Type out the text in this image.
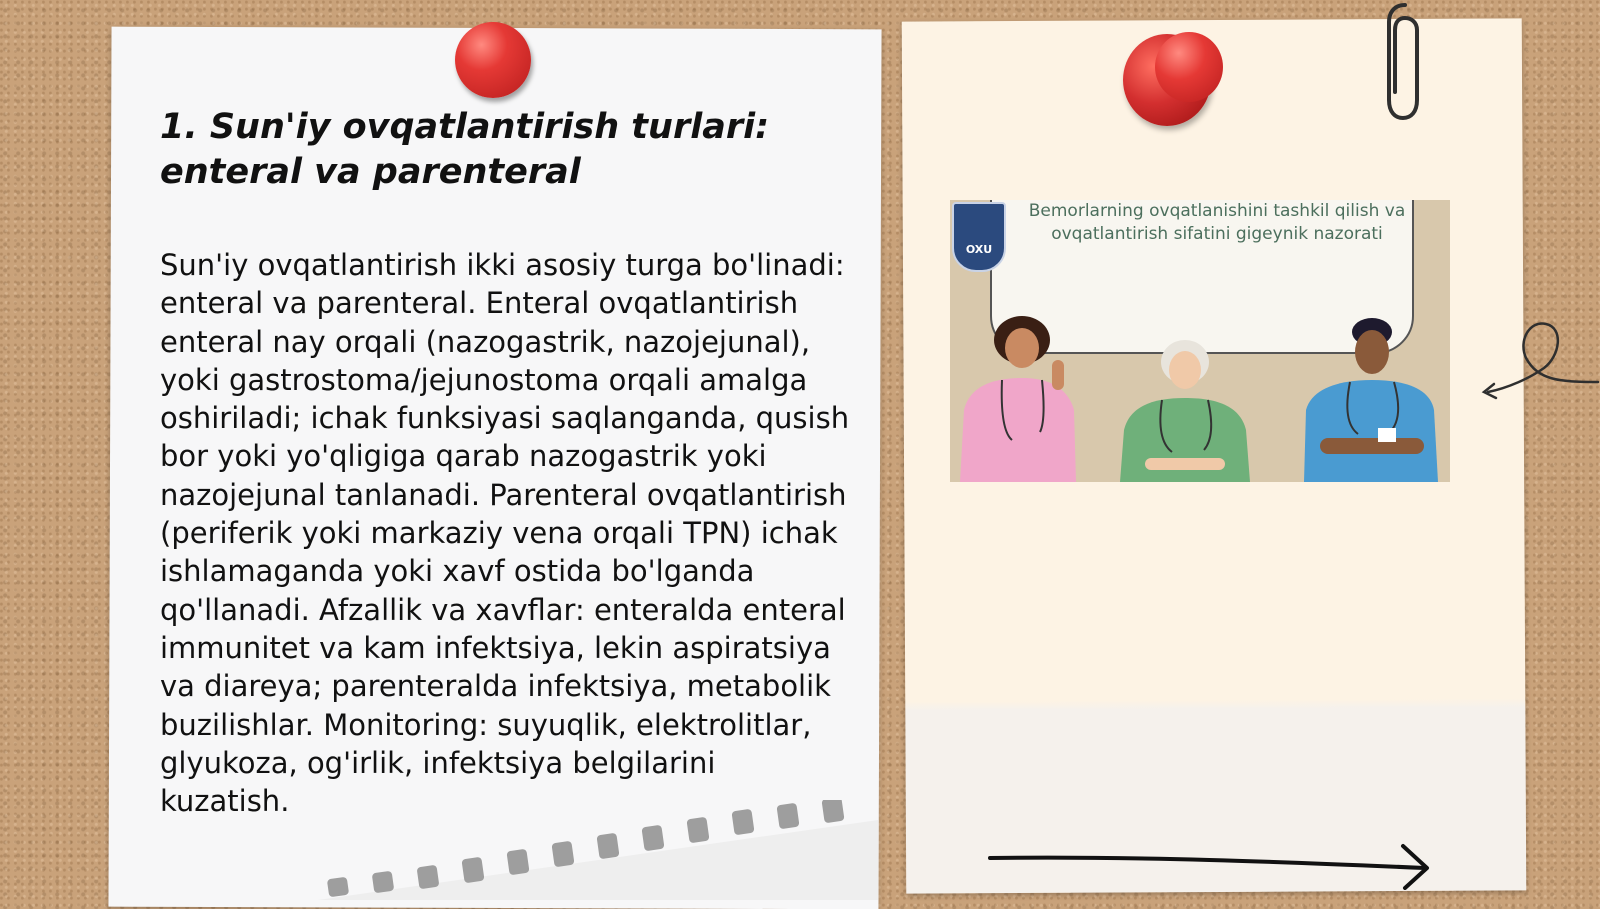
1. Sun'iy ovqatlantirish turlari: enteral va parenteral
Sun'iy ovqatlantirish ikki asosiy turga bo'linadi: enteral va parenteral. Enteral ovqatlantirish enteral nay orqali (nazogastrik, nazojejunal), yoki gastrostoma/jejunostoma orqali amalga oshiriladi; ichak funksiyasi saqlanganda, qusish bor yoki yo'qligiga qarab nazogastrik yoki nazojejunal tanlanadi. Parenteral ovqatlantirish (periferik yoki markaziy vena orqali TPN) ichak ishlamaganda yoki xavf ostida bo'lganda qo'llanadi. Afzallik va xavflar: enteralda enteral immunitet va kam infektsiya, lekin aspiratsiya va diareya; parenteralda infektsiya, metabolik buzilishlar. Monitoring: suyuqlik, elektrolitlar, glyukoza, og'irlik, infektsiya belgilarini kuzatish.
OXU
Bemorlarning ovqatlanishini tashkil qilish va ovqatlantirish sifatini gigeynik nazorati
